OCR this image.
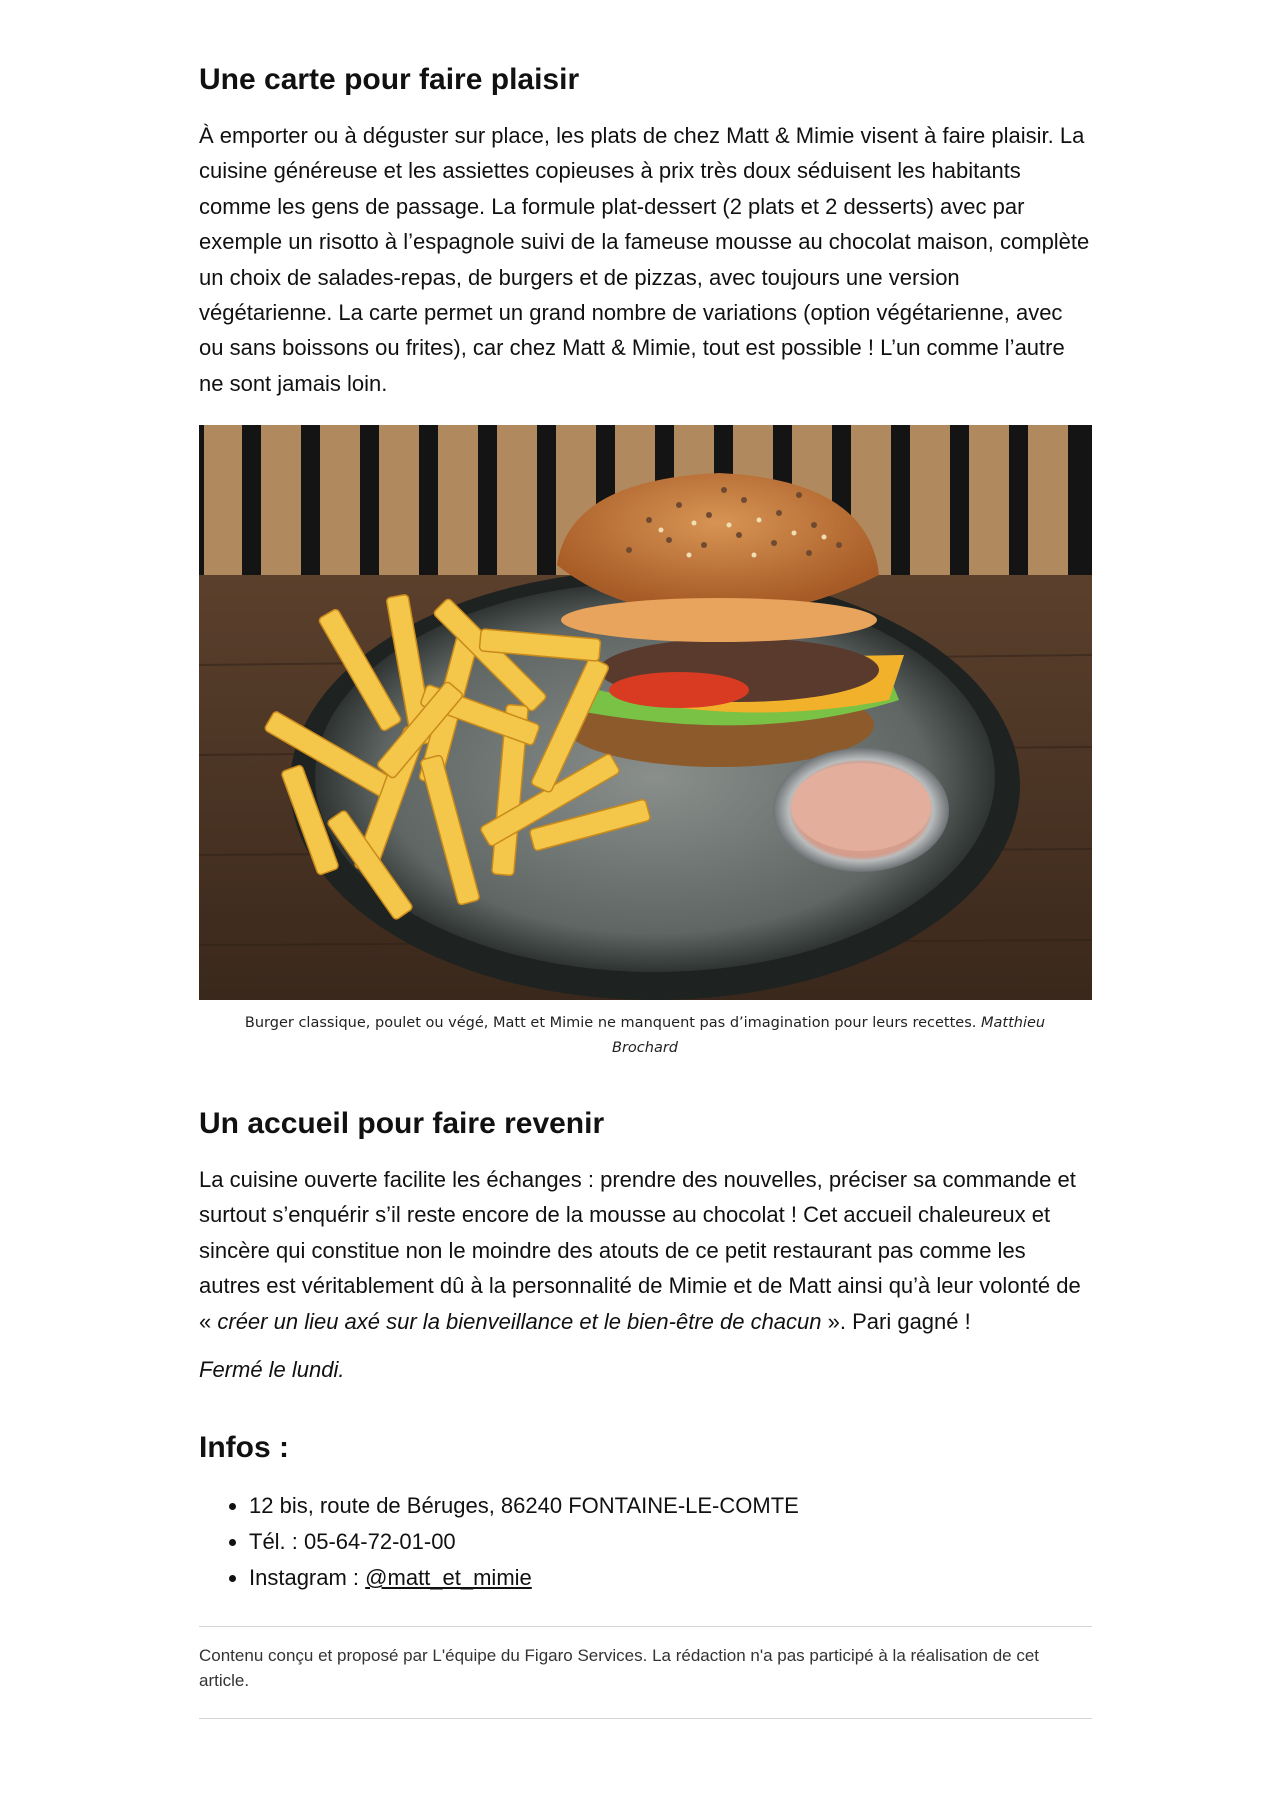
Une carte pour faire plaisir

À emporter ou à déguster sur place, les plats de chez Matt & Mimie visent à faire plaisir. La cuisine généreuse et les assiettes copieuses à prix très doux séduisent les habitants comme les gens de passage. La formule plat-dessert (2 plats et 2 desserts) avec par exemple un risotto à l’espagnole suivi de la fameuse mousse au chocolat maison, complète un choix de salades-repas, de burgers et de pizzas, avec toujours une version végétarienne. La carte permet un grand nombre de variations (option végétarienne, avec ou sans boissons ou frites), car chez Matt & Mimie, tout est possible ! L’un comme l’autre ne sont jamais loin.

Burger classique, poulet ou végé, Matt et Mimie ne manquent pas d’imagination pour leurs recettes. Matthieu Brochard
Un accueil pour faire revenir

La cuisine ouverte facilite les échanges : prendre des nouvelles, préciser sa commande et surtout s’enquérir s’il reste encore de la mousse au chocolat ! Cet accueil chaleureux et sincère qui constitue non le moindre des atouts de ce petit restaurant pas comme les autres est véritablement dû à la personnalité de Mimie et de Matt ainsi qu’à leur volonté de « créer un lieu axé sur la bienveillance et le bien-être de chacun ». Pari gagné !

Fermé le lundi.

Infos :
• 12 bis, route de Béruges, 86240 FONTAINE-LE-COMTE
• Tél. : 05-64-72-01-00
• Instagram : @matt_et_mimie

Contenu conçu et proposé par L'équipe du Figaro Services. La rédaction n'a pas participé à la réalisation de cet article.
